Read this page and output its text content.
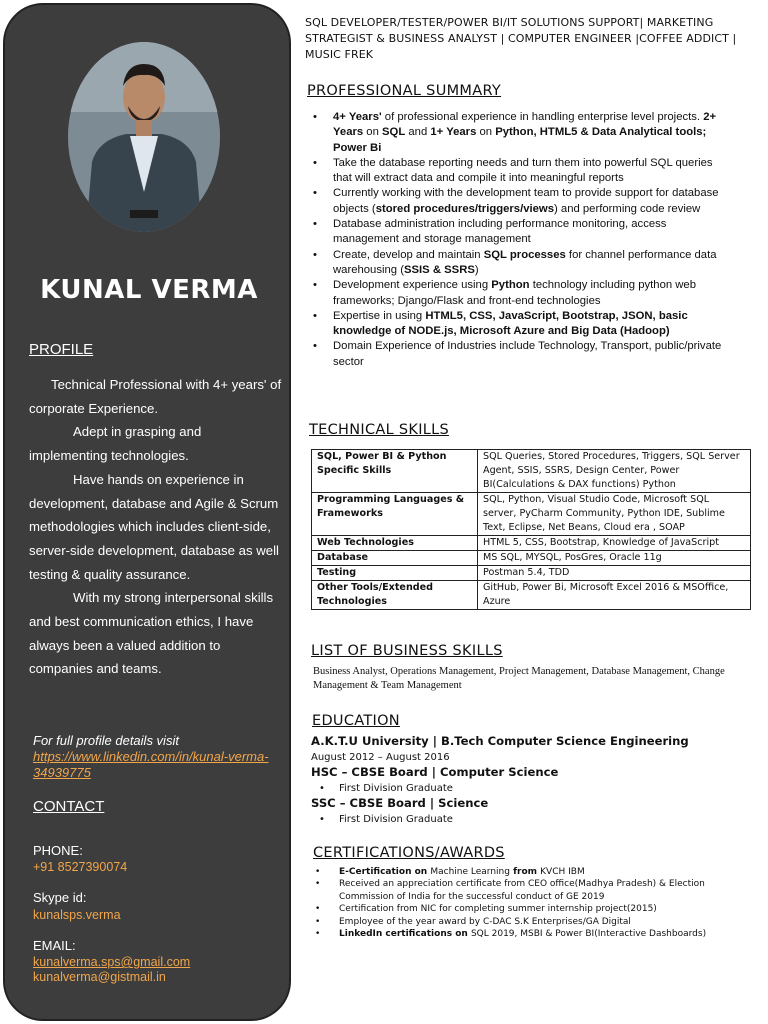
KUNAL VERMA
PROFILE

Technical Professional with 4+ years' of corporate Experience.

Adept in grasping and implementing technologies.

Have hands on experience in development, database and Agile & Scrum methodologies which includes client-side, server-side development, database as well testing & quality assurance.

With my strong interpersonal skills and best communication ethics, I have always been a valued addition to companies and teams.

For full profile details visit
https://www.linkedin.com/in/kunal-verma-34939775
CONTACT
PHONE:
+91 8527390074
Skype id:
kunalsps.verma
EMAIL:
kunalverma.sps@gmail.com
kunalverma@gistmail.in
SQL DEVELOPER/TESTER/POWER BI/IT SOLUTIONS SUPPORT| MARKETING STRATEGIST & BUSINESS ANALYST | COMPUTER ENGINEER |COFFEE ADDICT | MUSIC FREK
PROFESSIONAL SUMMARY
• 4+ Years' of professional experience in handling enterprise level projects. 2+ Years on SQL and 1+ Years on Python, HTML5 & Data Analytical tools; Power Bi
• Take the database reporting needs and turn them into powerful SQL queries that will extract data and compile it into meaningful reports
• Currently working with the development team to provide support for database objects (stored procedures/triggers/views) and performing code review
• Database administration including performance monitoring, access management and storage management
• Create, develop and maintain SQL processes for channel performance data warehousing (SSIS & SSRS)
• Development experience using Python technology including python web frameworks; Django/Flask and front-end technologies
• Expertise in using HTML5, CSS, JavaScript, Bootstrap, JSON, basic knowledge of NODE.js, Microsoft Azure and Big Data (Hadoop)
• Domain Experience of Industries include Technology, Transport, public/private sector
TECHNICAL SKILLS
SQL, Power BI & Python Specific Skills	SQL Queries, Stored Procedures, Triggers, SQL Server Agent, SSIS, SSRS, Design Center, Power BI(Calculations & DAX functions) Python
Programming Languages & Frameworks	SQL, Python, Visual Studio Code, Microsoft SQL server, PyCharm Community, Python IDE, Sublime Text, Eclipse, Net Beans, Cloud era , SOAP
Web Technologies	HTML 5, CSS, Bootstrap, Knowledge of JavaScript
Database	MS SQL, MYSQL, PosGres, Oracle 11g
Testing	Postman 5.4, TDD
Other Tools/Extended Technologies	GitHub, Power Bi, Microsoft Excel 2016 & MSOffice, Azure
LIST OF BUSINESS SKILLS
Business Analyst, Operations Management, Project Management, Database Management, Change Management & Team Management
EDUCATION
A.K.T.U University | B.Tech Computer Science Engineering
August 2012 – August 2016
HSC – CBSE Board | Computer Science
• First Division Graduate
SSC – CBSE Board | Science
• First Division Graduate
CERTIFICATIONS/AWARDS
• E-Certification on Machine Learning from KVCH IBM
• Received an appreciation certificate from CEO office(Madhya Pradesh) & Election Commission of India for the successful conduct of GE 2019
• Certification from NIC for completing summer internship project(2015)
• Employee of the year award by C-DAC S.K Enterprises/GA Digital
• LinkedIn certifications on SQL 2019, MSBI & Power BI(Interactive Dashboards)
